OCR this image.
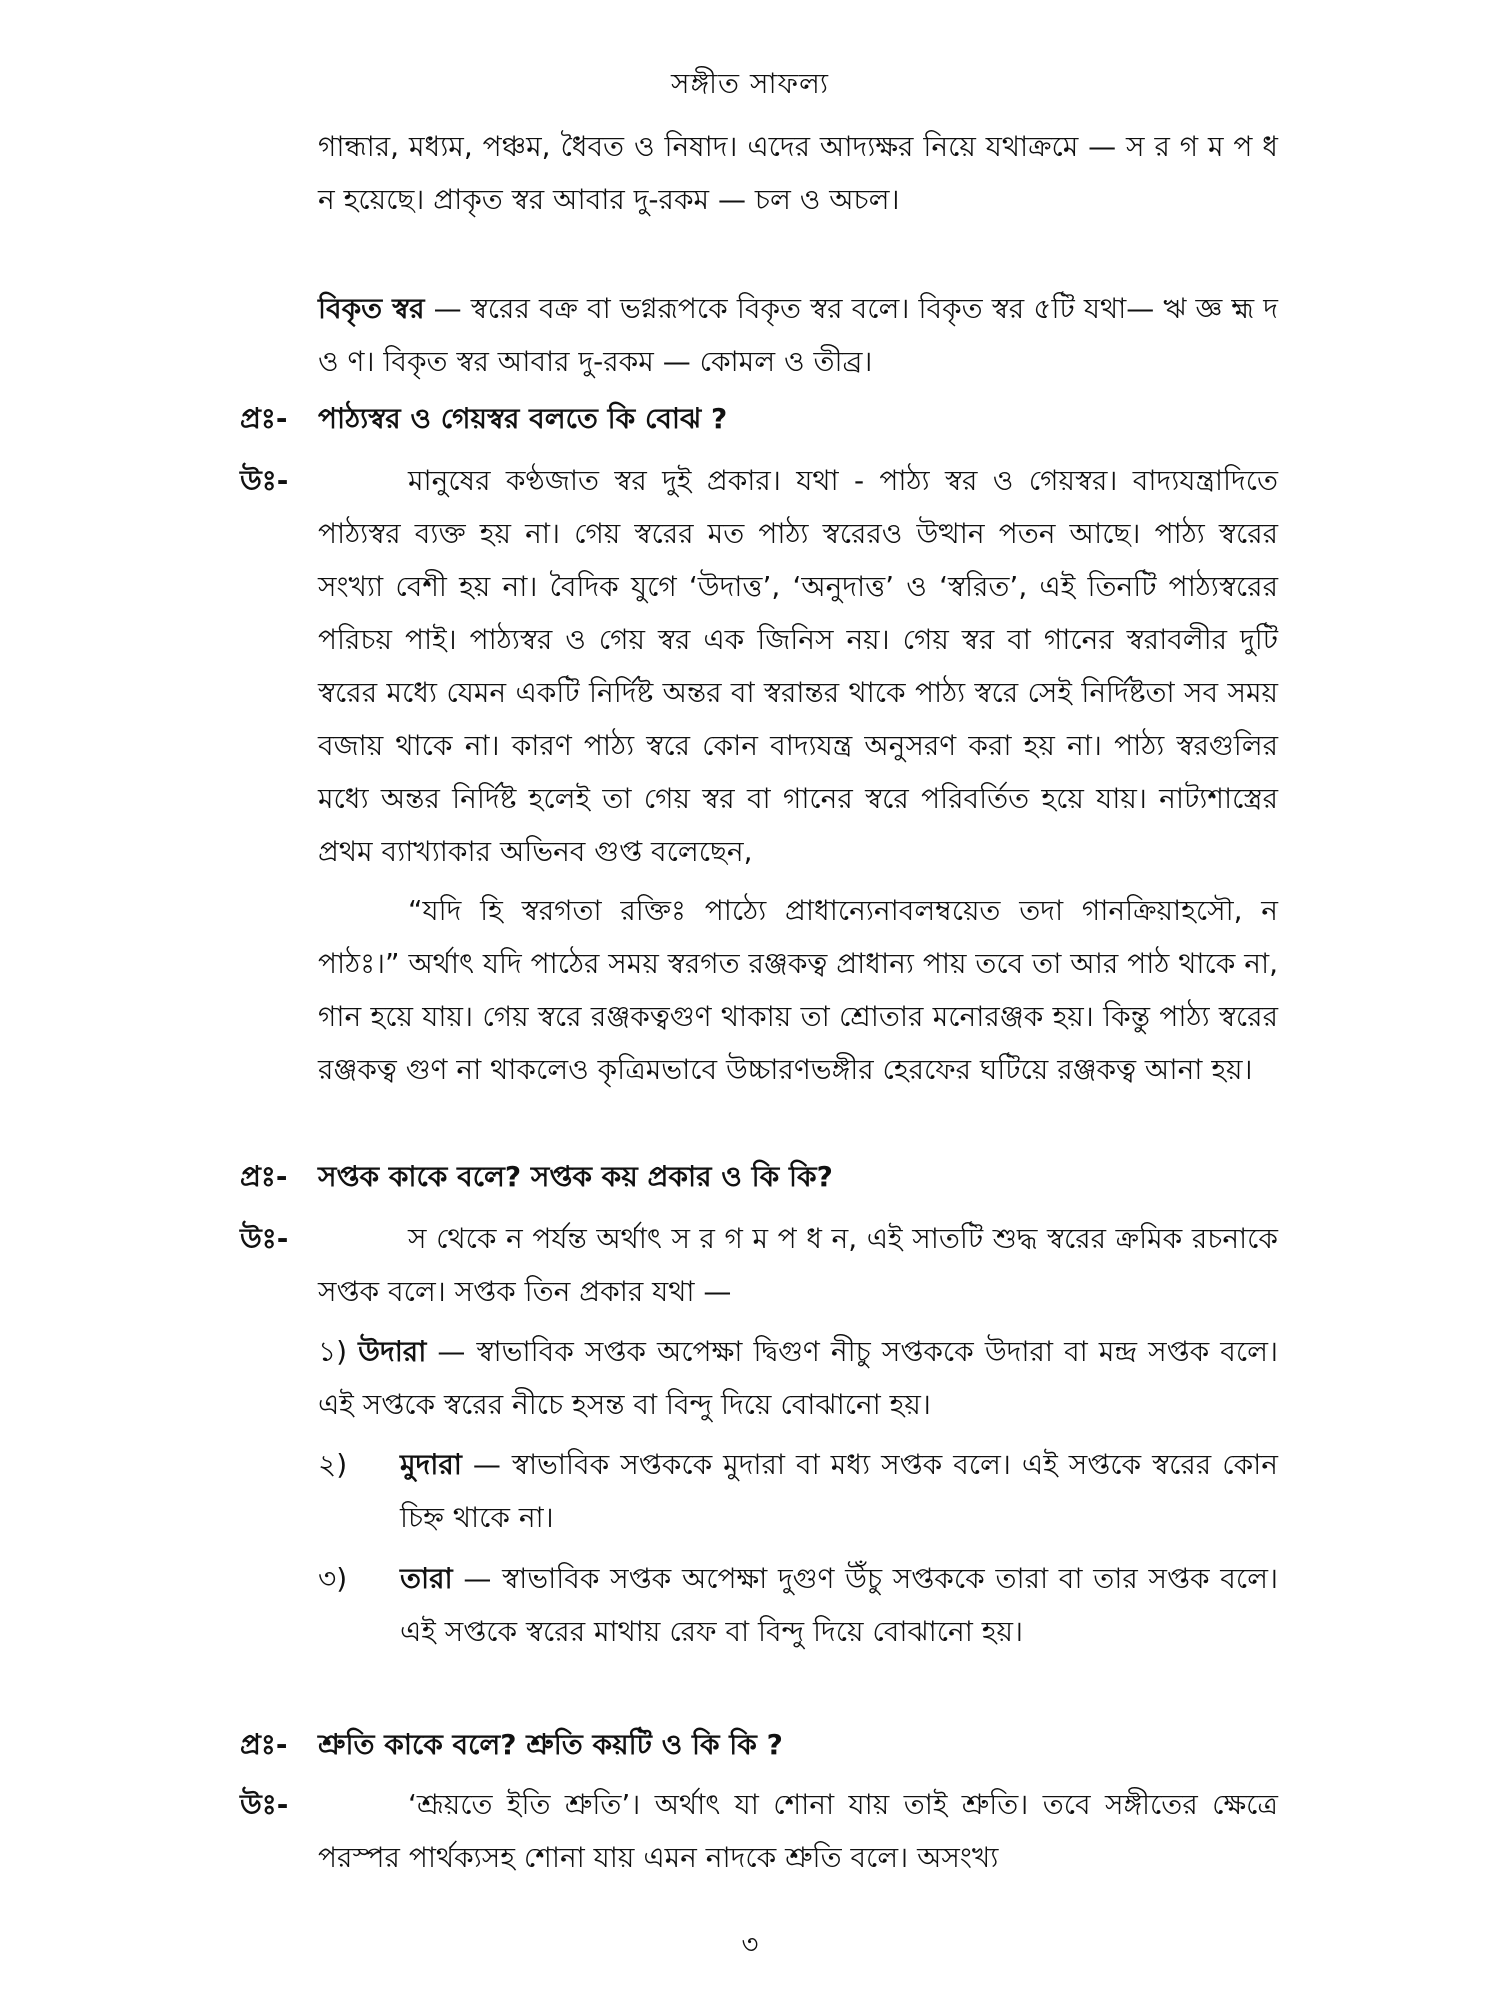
সঙ্গীত সাফল্য

গান্ধার, মধ্যম, পঞ্চম, ধৈবত ও নিষাদ। এদের আদ্যক্ষর নিয়ে যথাক্রমে — স র গ ম প ধ ন হয়েছে। প্রাকৃত স্বর আবার দু-রকম — চল ও অচল।

বিকৃত স্বর — স্বরের বক্র বা ভগ্নরূপকে বিকৃত স্বর বলে। বিকৃত স্বর ৫টি যথা— ঋ জ্ঞ হ্ম দ ও ণ। বিকৃত স্বর আবার দু-রকম — কোমল ও তীব্র।

প্রঃ- পাঠ্যস্বর ও গেয়স্বর বলতে কি বোঝ ?
উঃ-	মানুষের কণ্ঠজাত স্বর দুই প্রকার। যথা - পাঠ্য স্বর ও গেয়স্বর। বাদ্যযন্ত্রাদিতে পাঠ্যস্বর ব্যক্ত হয় না। গেয় স্বরের মত পাঠ্য স্বরেরও উত্থান পতন আছে। পাঠ্য স্বরের সংখ্যা বেশী হয় না। বৈদিক যুগে ‘উদাত্ত’, ‘অনুদাত্ত’ ও ‘স্বরিত’, এই তিনটি পাঠ্যস্বরের পরিচয় পাই। পাঠ্যস্বর ও গেয় স্বর এক জিনিস নয়। গেয় স্বর বা গানের স্বরাবলীর দুটি স্বরের মধ্যে যেমন একটি নির্দিষ্ট অন্তর বা স্বরান্তর থাকে পাঠ্য স্বরে সেই নির্দিষ্টতা সব সময় বজায় থাকে না। কারণ পাঠ্য স্বরে কোন বাদ্যযন্ত্র অনুসরণ করা হয় না। পাঠ্য স্বরগুলির মধ্যে অন্তর নির্দিষ্ট হলেই তা গেয় স্বর বা গানের স্বরে পরিবর্তিত হয়ে যায়। নাট্যশাস্ত্রের প্রথম ব্যাখ্যাকার অভিনব গুপ্ত বলেছেন,

“যদি হি স্বরগতা রক্তিঃ পাঠ্যে প্রাধান্যেনাবলম্বয়েত তদা গানক্রিয়াহসৌ, ন পাঠঃ।” অর্থাৎ যদি পাঠের সময় স্বরগত রঞ্জকত্ব প্রাধান্য পায় তবে তা আর পাঠ থাকে না, গান হয়ে যায়। গেয় স্বরে রঞ্জকত্বগুণ থাকায় তা শ্রোতার মনোরঞ্জক হয়। কিন্তু পাঠ্য স্বরের রঞ্জকত্ব গুণ না থাকলেও কৃত্রিমভাবে উচ্চারণভঙ্গীর হেরফের ঘটিয়ে রঞ্জকত্ব আনা হয়।

প্রঃ- সপ্তক কাকে বলে? সপ্তক কয় প্রকার ও কি কি?
উঃ-	স থেকে ন পর্যন্ত অর্থাৎ স র গ ম প ধ ন, এই সাতটি শুদ্ধ স্বরের ক্রমিক রচনাকে সপ্তক বলে। সপ্তক তিন প্রকার যথা —

১) উদারা — স্বাভাবিক সপ্তক অপেক্ষা দ্বিগুণ নীচু সপ্তককে উদারা বা মন্দ্র সপ্তক বলে। এই সপ্তকে স্বরের নীচে হসন্ত বা বিন্দু দিয়ে বোঝানো হয়।

২) মুদারা — স্বাভাবিক সপ্তককে মুদারা বা মধ্য সপ্তক বলে। এই সপ্তকে স্বরের কোন চিহ্ন থাকে না।

৩) তারা — স্বাভাবিক সপ্তক অপেক্ষা দুগুণ উঁচু সপ্তককে তারা বা তার সপ্তক বলে। এই সপ্তকে স্বরের মাথায় রেফ বা বিন্দু দিয়ে বোঝানো হয়।

প্রঃ- শ্রুতি কাকে বলে? শ্রুতি কয়টি ও কি কি ?
উঃ-	‘শ্রূয়তে ইতি শ্রুতি’। অর্থাৎ যা শোনা যায় তাই শ্রুতি। তবে সঙ্গীতের ক্ষেত্রে পরস্পর পার্থক্যসহ শোনা যায় এমন নাদকে শ্রুতি বলে। অসংখ্য

৩
